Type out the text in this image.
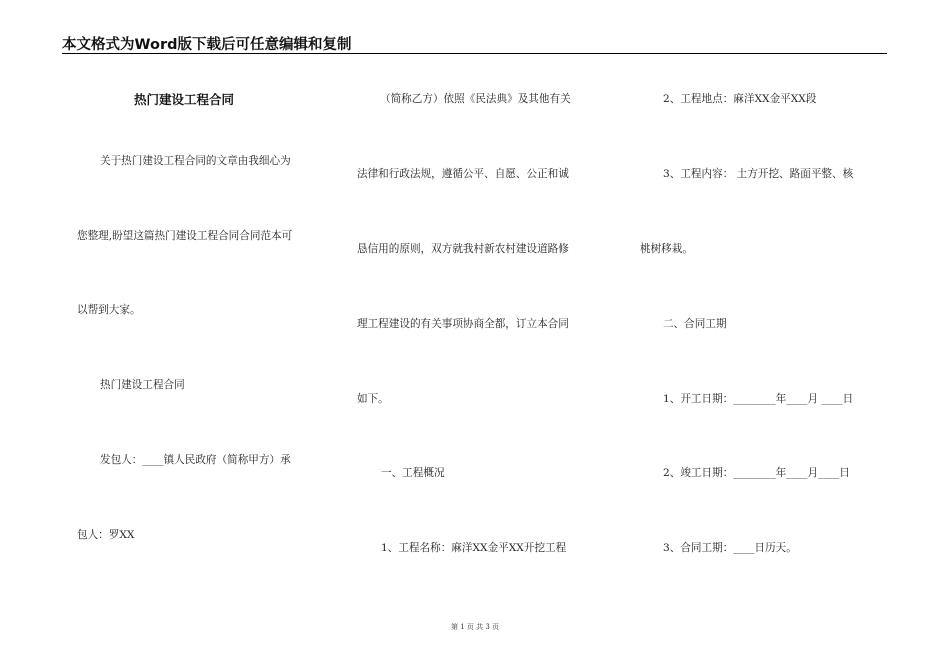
本文格式为Word版下载后可任意编辑和复制
热门建设工程合同
关于热门建设工程合同的文章由我细心为
您整理,盼望这篇热门建设工程合同合同范本可
以帮到大家。
热门建设工程合同
发包人：____镇人民政府（简称甲方）承
包人：罗XX
（简称乙方）依照《民法典》及其他有关
法律和行政法规，遵循公平、自愿、公正和诚
恳信用的原则，双方就我村新农村建设道路修
理工程建设的有关事项协商全都，订立本合同
如下。
一、工程概况
1、工程名称：麻洋XX金平XX开挖工程
2、工程地点：麻洋XX金平XX段
3、工程内容： 土方开挖、路面平整、核
桃树移栽。
二、合同工期
1、开工日期：________年____月 ____日
2、竣工日期：________年____月____日
3、合同工期：____日历天。
第 1 页 共 3 页
